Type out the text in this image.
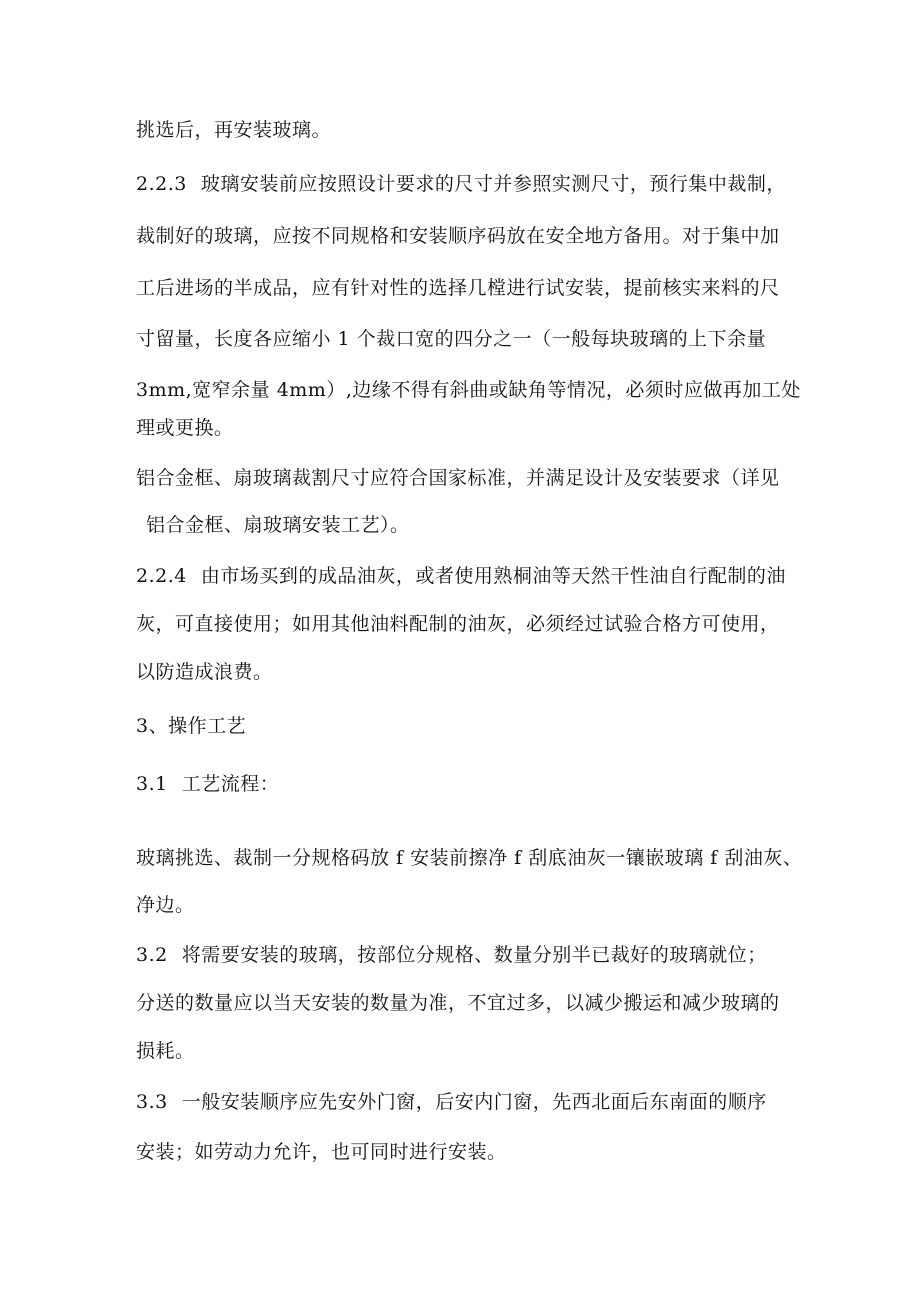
挑选后，再安装玻璃。
2.2.3 玻璃安装前应按照设计要求的尺寸并参照实测尺寸，预行集中裁制，
裁制好的玻璃，应按不同规格和安装顺序码放在安全地方备用。对于集中加
工后进场的半成品，应有针对性的选择几樘进行试安装，提前核实来料的尺
寸留量，长度各应缩小 1 个裁口宽的四分之一（一般每块玻璃的上下余量
3mm,宽窄余量 4mm）,边缘不得有斜曲或缺角等情况，必须时应做再加工处
理或更换。
铝合金框、扇玻璃裁割尺寸应符合国家标准，并满足设计及安装要求（详见
铝合金框、扇玻璃安装工艺）。
2.2.4 由市场买到的成品油灰，或者使用熟桐油等天然干性油自行配制的油
灰，可直接使用；如用其他油料配制的油灰，必须经过试验合格方可使用，
以防造成浪费。
3、操作工艺
3.1 工艺流程：
玻璃挑选、裁制一分规格码放 f 安装前擦净 f 刮底油灰一镶嵌玻璃 f 刮油灰、
净边。
3.2 将需要安装的玻璃，按部位分规格、数量分别半已裁好的玻璃就位；
分送的数量应以当天安装的数量为准，不宜过多，以减少搬运和减少玻璃的
损耗。
3.3 一般安装顺序应先安外门窗，后安内门窗，先西北面后东南面的顺序
安装；如劳动力允许，也可同时进行安装。
